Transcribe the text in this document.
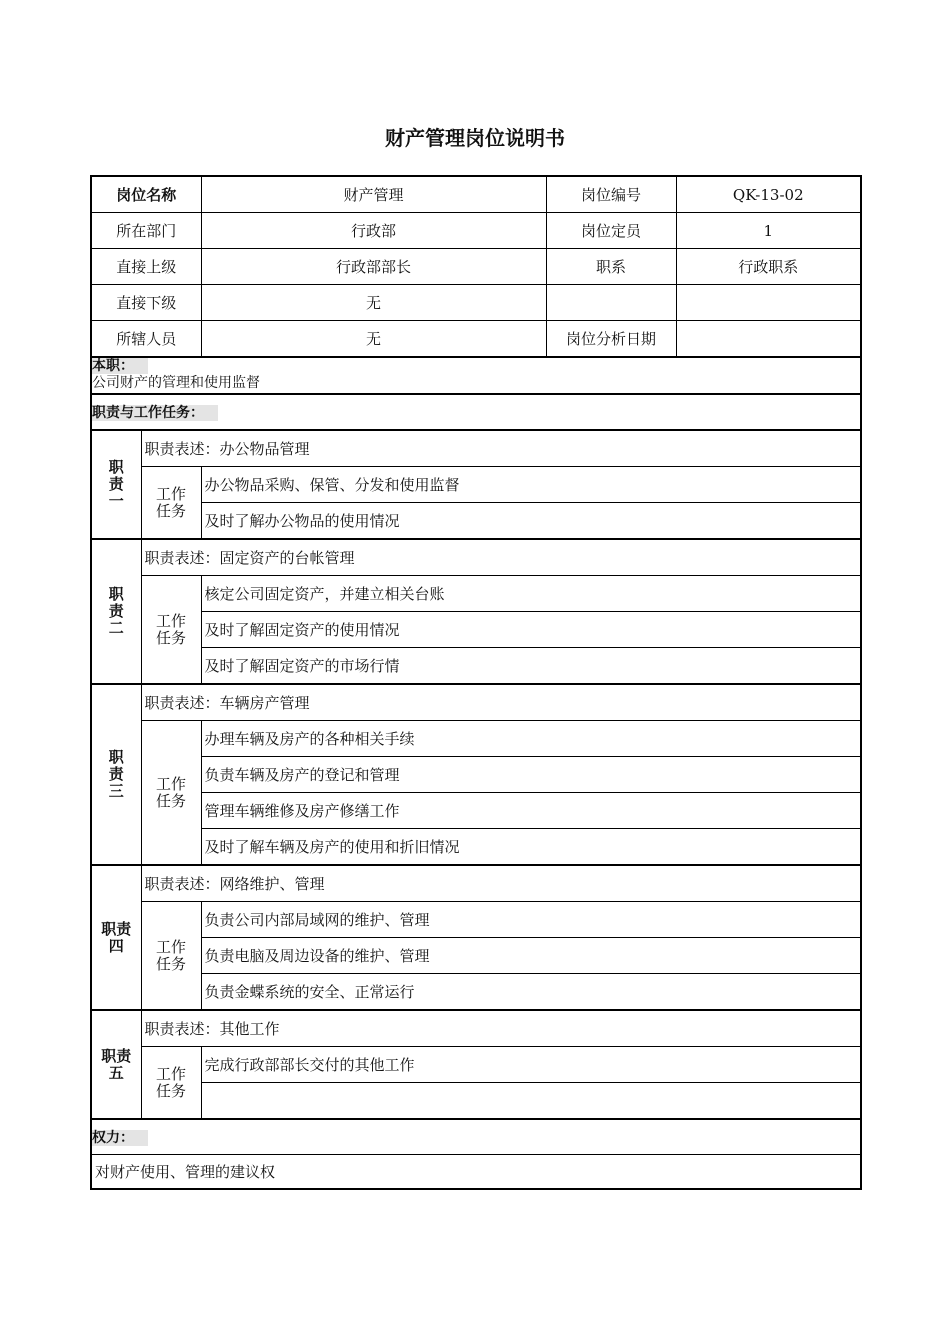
财产管理岗位说明书
岗位名称		财产管理	岗位编号	QK-13-02
所在部门		行政部	岗位定员	1
直接上级		行政部部长	职系	行政职系
直接下级		无		
所辖人员		无	岗位分析日期	

本职：
公司财产的管理和使用监督				

职责与工作任务：				
职责一	职责表述：办公物品管理			
	工作任务	办公物品采购、保管、分发和使用监督		
		及时了解办公物品的使用情况		
职责二	职责表述：固定资产的台帐管理			
	工作任务	核定公司固定资产，并建立相关台账		
		及时了解固定资产的使用情况		
		及时了解固定资产的市场行情		
职责三	职责表述：车辆房产管理			
	工作任务	办理车辆及房产的各种相关手续		
		负责车辆及房产的登记和管理		
		管理车辆维修及房产修缮工作		
		及时了解车辆及房产的使用和折旧情况		
职责四	职责表述：网络维护、管理			
	工作任务	负责公司内部局域网的维护、管理		
		负责电脑及周边设备的维护、管理		
		负责金蝶系统的安全、正常运行		
职责五	职责表述：其他工作			
	工作任务	完成行政部部长交付的其他工作		

权力：				
对财产使用、管理的建议权				
